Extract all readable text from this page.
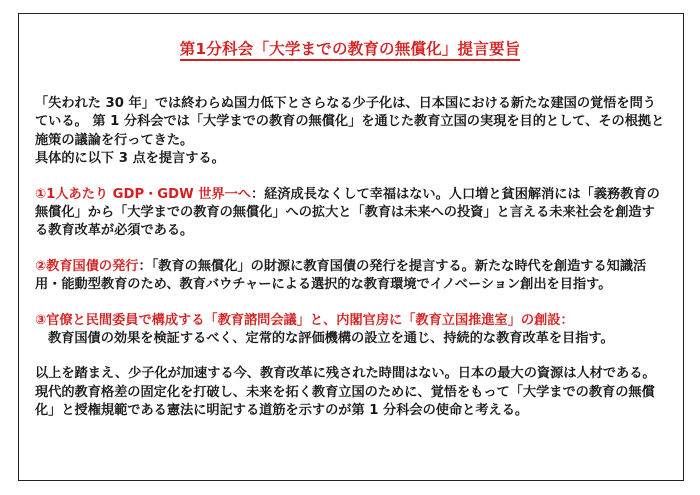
第1分科会「大学までの教育の無償化」提言要旨

「失われた 30 年」では終わらぬ国力低下とさらなる少子化は、日本国における新たな建国の覚悟を問うている。 第 1 分科会では「大学までの教育の無償化」を通じた教育立国の実現を目的として、その根拠と施策の議論を行ってきた。

具体的に以下 3 点を提言する。

①1人あたり GDP・GDW 世界一へ：経済成長なくして幸福はない。人口増と貧困解消には「義務教育の無償化」から「大学までの教育の無償化」への拡大と「教育は未来への投資」と言える未来社会を創造する教育改革が必須である。

②教育国債の発行：「教育の無償化」の財源に教育国債の発行を提言する。新たな時代を創造する知識活用・能動型教育のため、教育バウチャーによる選択的な教育環境でイノベーション創出を目指す。

③官僚と民間委員で構成する「教育諮問会議」と、内閣官房に「教育立国推進室」の創設：

教育国債の効果を検証するべく、定常的な評価機構の設立を通じ、持続的な教育改革を目指す。

以上を踏まえ、少子化が加速する今、教育改革に残された時間はない。日本の最大の資源は人材である。現代的教育格差の固定化を打破し、未来を拓く教育立国のために、覚悟をもって「大学までの教育の無償化」と授権規範である憲法に明記する道筋を示すのが第 1 分科会の使命と考える。
